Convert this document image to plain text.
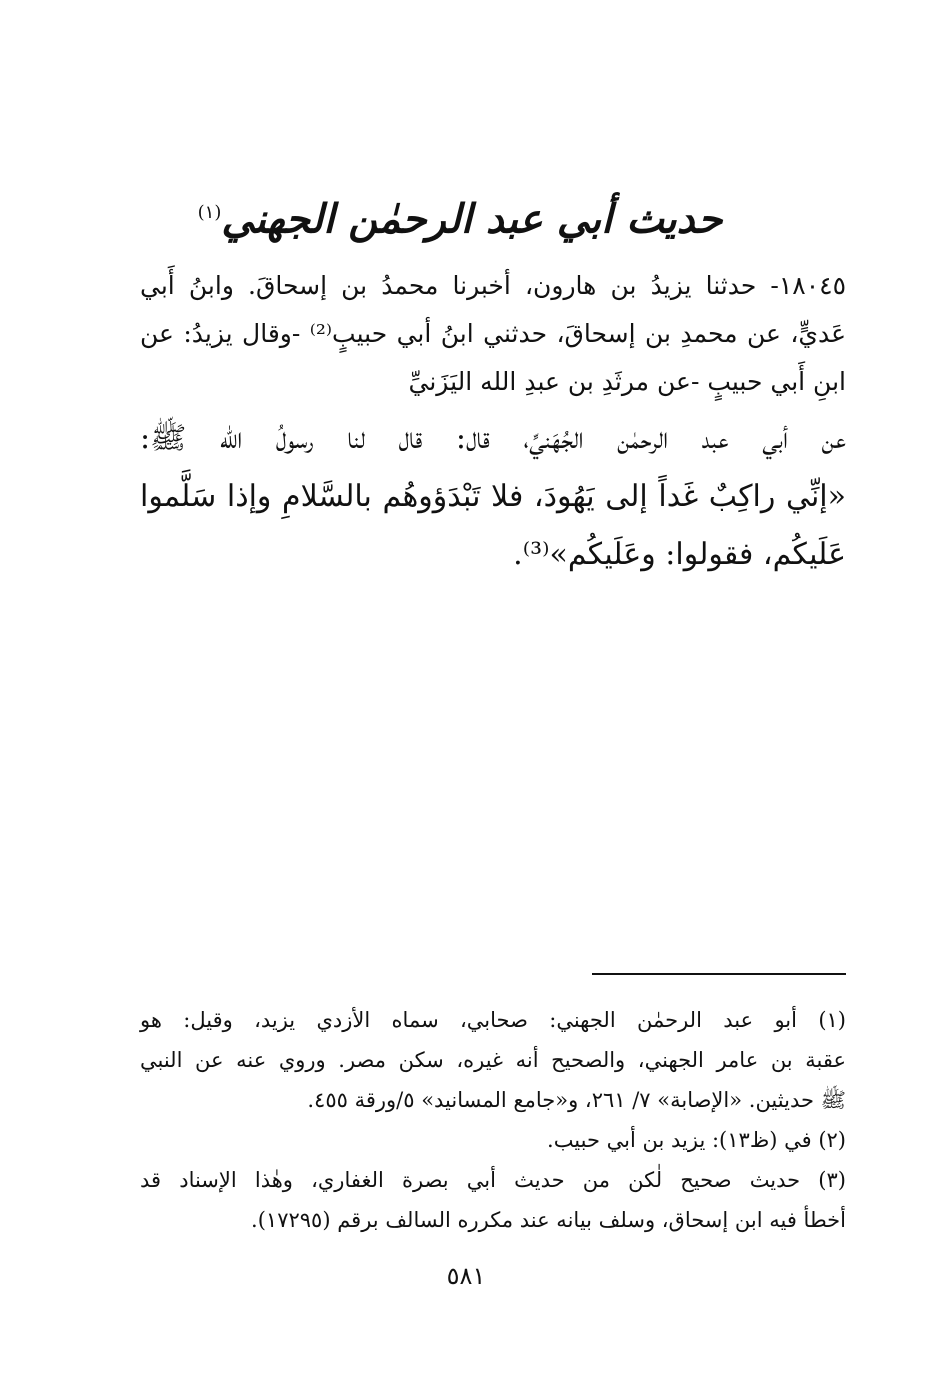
حديث أبي عبد الرحمٰن الجهني$^{(١)}$
١٨٠٤٥- حدثنا يزيدُ بن هارون، أخبرنا محمدُ بن إسحاقَ. وابنُ أَبي
عَديٍّ، عن محمدِ بن إسحاقَ، حدثني ابنُ أبي حبيبٍ⁽²⁾ -وقال يزيدُ: عن
ابنِ أَبي حبيبٍ -عن مرثَدِ بن عبدِ الله اليَزَنيِّ
عن أبي عبد الرحمٰن الجُهَنيِّ، قال: قال لنا رسولُ الله ﷺ:
«إنِّي راكِبٌ غَداً إلى يَهُودَ، فلا تَبْدَؤوهُم بالسَّلامِ وإذا سَلَّموا
عَلَيكُم، فقولوا: وعَلَيكُم»⁽³⁾.
(١) أبو عبد الرحمٰن الجهني: صحابي، سماه الأزدي يزيد، وقيل: هو
عقبة بن عامر الجهني، والصحيح أنه غيره، سكن مصر. وروي عنه عن النبي
ﷺ حديثين. «الإصابة» ٧/ ٢٦١، و«جامع المسانيد» ٥/ورقة ٤٥٥.
(٢) في (ظ١٣): يزيد بن أبي حبيب.
(٣) حديث صحيح لٰكن من حديث أبي بصرة الغفاري، وهٰذا الإسناد قد
أخطأ فيه ابن إسحاق، وسلف بيانه عند مكرره السالف برقم (١٧٢٩٥).
٥٨١
